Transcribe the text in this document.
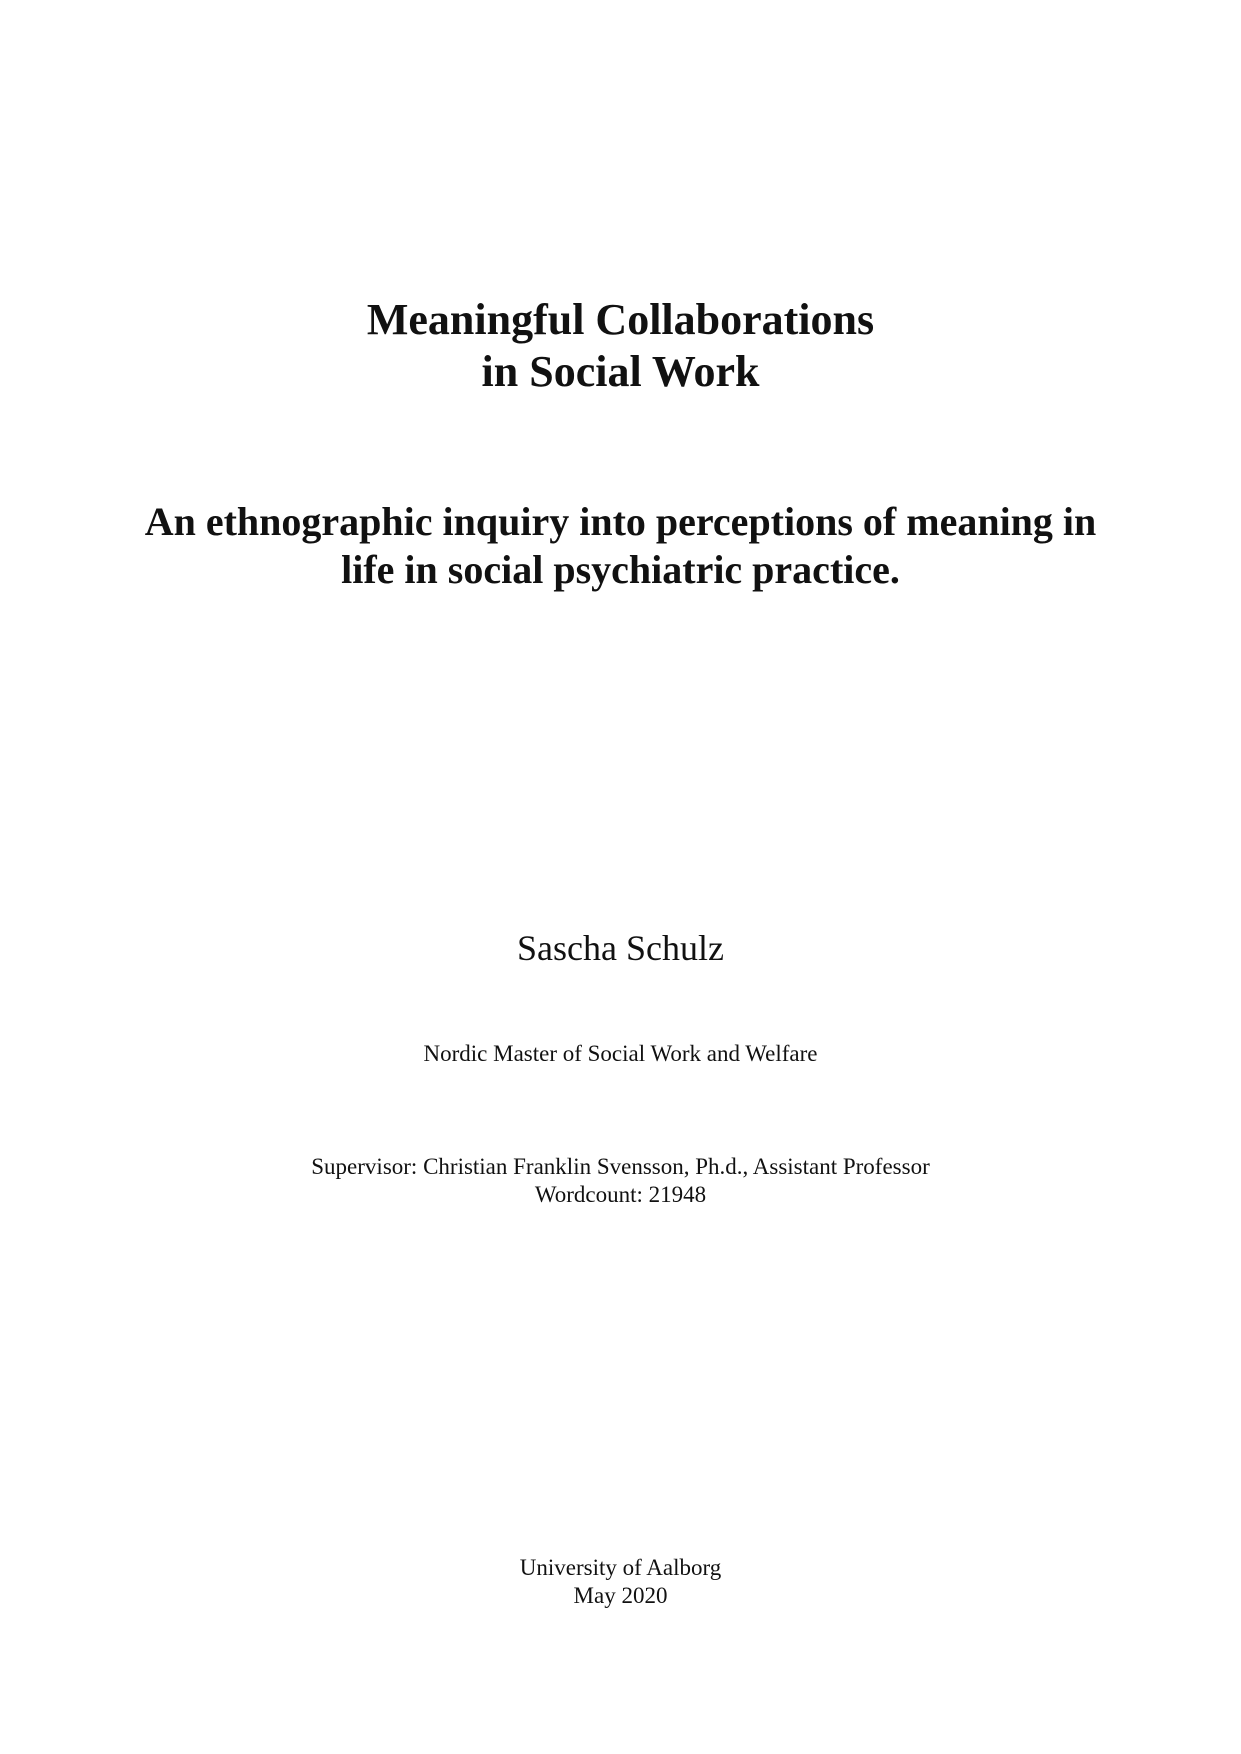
Meaningful Collaborations
in Social Work
An ethnographic inquiry into perceptions of meaning in
life in social psychiatric practice.

Sascha Schulz

Nordic Master of Social Work and Welfare

Supervisor: Christian Franklin Svensson, Ph.d., Assistant Professor

Wordcount: 21948

University of Aalborg

May 2020
